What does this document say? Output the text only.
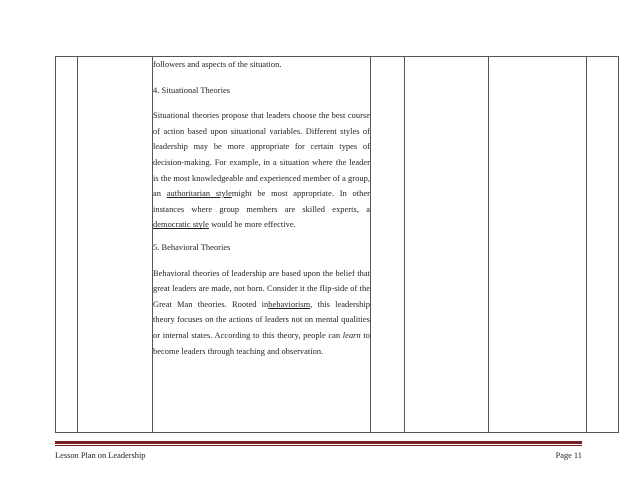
followers and aspects of the situation.

4. Situational Theories

Situational theories propose that leaders choose the best course of action based upon situational variables. Different styles of leadership may be more appropriate for certain types of decision-making. For example, in a situation where the leader is the most knowledgeable and experienced member of a group, an authoritarian stylemight be most appropriate. In other instances where group members are skilled experts, a democratic style would be more effective.

5. Behavioral Theories

Behavioral theories of leadership are based upon the belief that great leaders are made, not born. Consider it the flip-side of the Great Man theories. Rooted inbehaviorism, this leadership theory focuses on the actions of leaders not on mental qualities or internal states. According to this theory, people can learn to become leaders through teaching and observation.

Lesson Plan on Leadership	Page 11
